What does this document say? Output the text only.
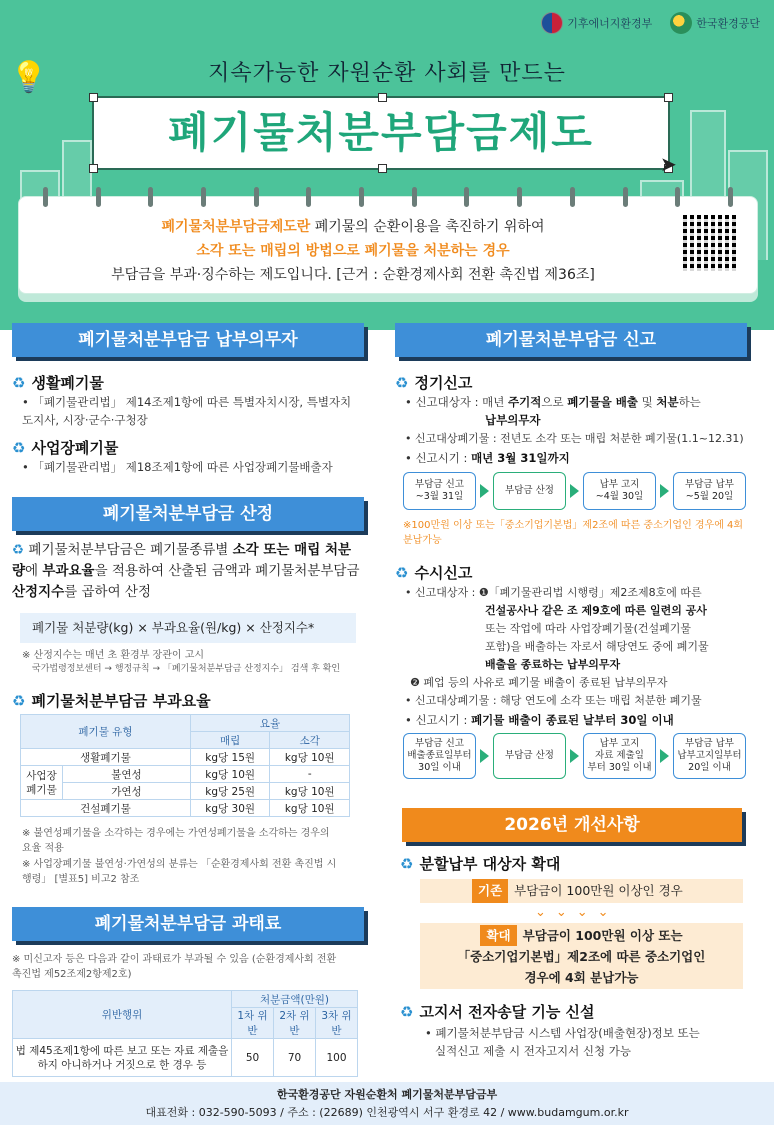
기후에너지환경부	한국환경공단
💡	지속가능한 자원순환 사회를 만드는
폐기물처분부담금제도
➤
폐기물처분부담금제도란 폐기물의 순환이용을 촉진하기 위하여
소각 또는 매립의 방법으로 폐기물을 처분하는 경우
부담금을 부과·징수하는 제도입니다. [근거 : 순환경제사회 전환 촉진법 제36조]
폐기물처분부담금 납부의무자
♻ 생활폐기물
• 「폐기물관리법」 제14조제1항에 따른 특별자치시장, 특별자치도지사, 시장·군수·구청장
♻ 사업장폐기물
• 「폐기물관리법」 제18조제1항에 따른 사업장폐기물배출자
폐기물처분부담금 산정
♻ 폐기물처분부담금은 폐기물종류별 소각 또는 매립 처분량에 부과요율을 적용하여 산출된 금액과 폐기물처분부담금 산정지수를 곱하여 산정
폐기물 처분량(kg) × 부과요율(원/kg) × 산정지수*
※ 산정지수는 매년 초 환경부 장관이 고시
국가법령정보센터 → 행정규칙 → 「폐기물처분부담금 산정지수」 검색 후 확인
♻ 폐기물처분부담금 부과요율
폐기물 유형		요율	
		매립	소각
생활폐기물		kg당 15원	kg당 10원
사업장 폐기물	불연성	kg당 10원	-
	가연성	kg당 25원	kg당 10원
건설폐기물		kg당 30원	kg당 10원
※ 불연성폐기물을 소각하는 경우에는 가연성폐기물을 소각하는 경우의 요율 적용
※ 사업장폐기물 불연성·가연성의 분류는 「순환경제사회 전환 촉진법 시행령」 [별표5] 비고2 참조
폐기물처분부담금 과태료
※ 미신고자 등은 다음과 같이 과태료가 부과될 수 있음 (순환경제사회 전환 촉진법 제52조제2항제2호)
위반행위	처분금액(만원)		
	1차 위반	2차 위반	3차 위반
법 제45조제1항에 따른 보고 또는 자료 제출을 하지 아니하거나 거짓으로 한 경우 등	50	70	100
폐기물처분부담금 신고
♻ 정기신고
• 신고대상자 : 매년 주기적으로 폐기물을 배출 및 처분하는
납부의무자
• 신고대상폐기물 : 전년도 소각 또는 매립 처분한 폐기물(1.1~12.31)
• 신고시기 : 매년 3월 31일까지
부담금 신고
~3월 31일
부담금 산정
납부 고지
~4월 30일
부담금 납부
~5월 20일
※100만원 이상 또는「중소기업기본법」제2조에 따른 중소기업인 경우에 4회 분납가능
♻ 수시신고
• 신고대상자 : ❶「폐기물관리법 시행령」제2조제8호에 따른
건설공사나 같은 조 제9호에 따른 일련의 공사
또는 작업에 따라 사업장폐기물(건설폐기물
포함)을 배출하는 자로서 해당연도 중에 폐기물
배출을 종료하는 납부의무자
❷ 폐업 등의 사유로 폐기물 배출이 종료된 납부의무자
• 신고대상폐기물 : 해당 연도에 소각 또는 매립 처분한 폐기물
• 신고시기 : 폐기물 배출이 종료된 날부터 30일 이내
부담금 신고
배출종료일부터
30일 이내
부담금 산정
납부 고지
자료 제출일
부터 30일 이내
부담금 납부
납부고지일부터
20일 이내
2026년 개선사항
♻ 분할납부 대상자 확대
기존 부담금이 100만원 이상인 경우
⌄⌄⌄⌄
확대 부담금이 100만원 이상 또는
「중소기업기본법」제2조에 따른 중소기업인
경우에 4회 분납가능
♻ 고지서 전자송달 기능 신설
• 폐기물처분부담금 시스템 사업장(배출현장)정보 또는
실적신고 제출 시 전자고지서 신청 가능
한국환경공단 자원순환처 폐기물처분부담금부
대표전화 : 032-590-5093 / 주소 : (22689) 인천광역시 서구 환경로 42 / www.budamgum.or.kr
